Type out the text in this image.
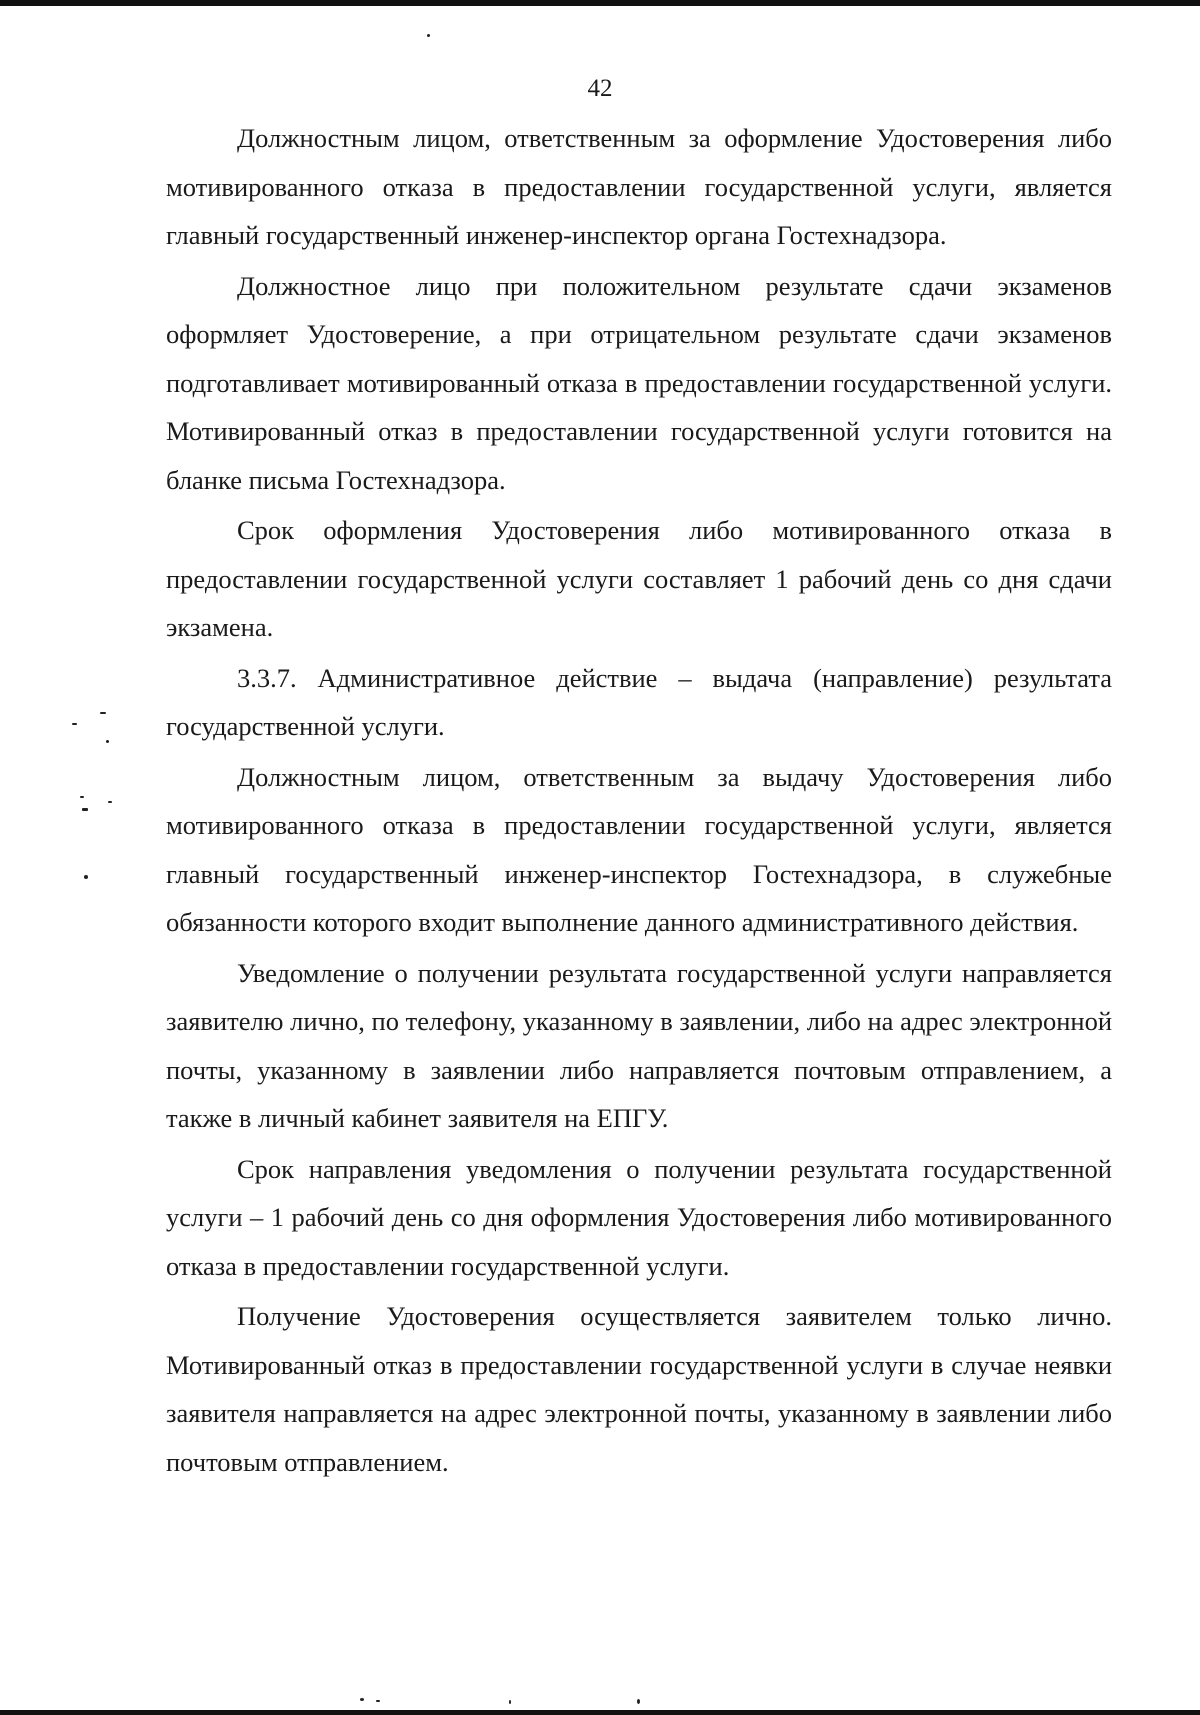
42

Должностным лицом, ответственным за оформление Удостоверения либо мотивированного отказа в предоставлении государственной услуги, является главный государственный инженер-инспектор органа Гостехнадзора.

Должностное лицо при положительном результате сдачи экзаменов оформляет Удостоверение, а при отрицательном результате сдачи экзаменов подготавливает мотивированный отказа в предоставлении государственной услуги. Мотивированный отказ в предоставлении государственной услуги готовится на бланке письма Гостехнадзора.

Срок оформления Удостоверения либо мотивированного отказа в предоставлении государственной услуги составляет 1 рабочий день со дня сдачи экзамена.

3.3.7. Административное действие – выдача (направление) результата государственной услуги.

Должностным лицом, ответственным за выдачу Удостоверения либо мотивированного отказа в предоставлении государственной услуги, является главный государственный инженер-инспектор Гостехнадзора, в служебные обязанности которого входит выполнение данного административного действия.

Уведомление о получении результата государственной услуги направляется заявителю лично, по телефону, указанному в заявлении, либо на адрес электронной почты, указанному в заявлении либо направляется почтовым отправлением, а также в личный кабинет заявителя на ЕПГУ.

Срок направления уведомления о получении результата государственной услуги – 1 рабочий день со дня оформления Удостоверения либо мотивированного отказа в предоставлении государственной услуги.

Получение Удостоверения осуществляется заявителем только лично. Мотивированный отказ в предоставлении государственной услуги в случае неявки заявителя направляется на адрес электронной почты, указанному в заявлении либо почтовым отправлением.
